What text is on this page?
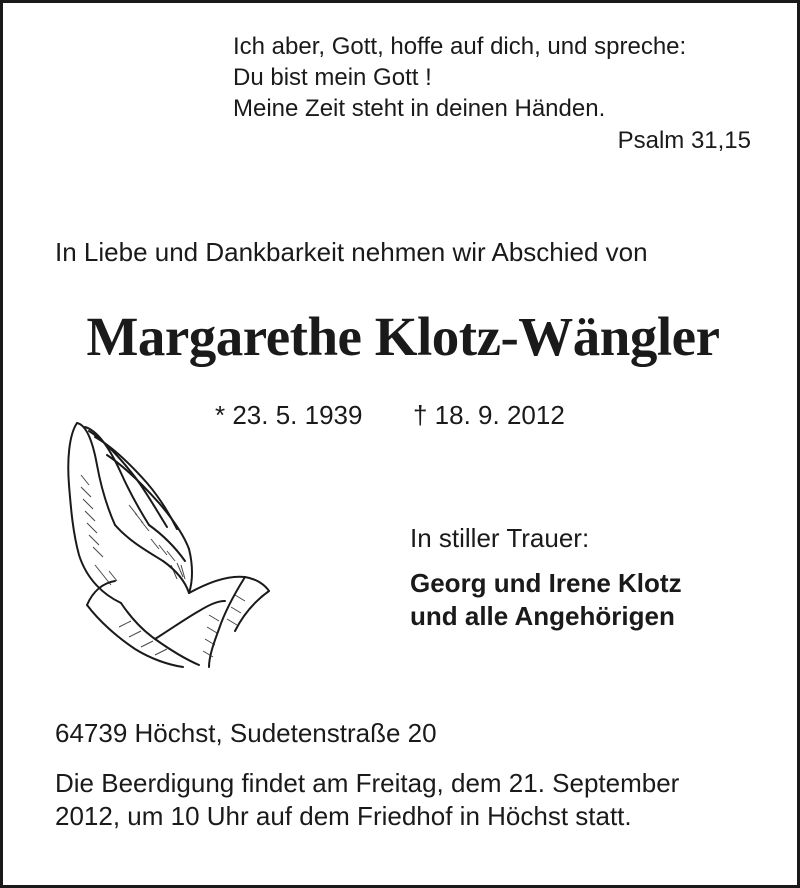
Ich aber, Gott, hoffe auf dich, und spreche:
Du bist mein Gott !
Meine Zeit steht in deinen Händen.
Psalm 31,15
In Liebe und Dankbarkeit nehmen wir Abschied von
Margarethe Klotz-Wängler
* 23. 5. 1939 † 18. 9. 2012
In stiller Trauer:
Georg und Irene Klotz
und alle Angehörigen
64739 Höchst, Sudetenstraße 20
Die Beerdigung findet am Freitag, dem 21. September
2012, um 10 Uhr auf dem Friedhof in Höchst statt.
